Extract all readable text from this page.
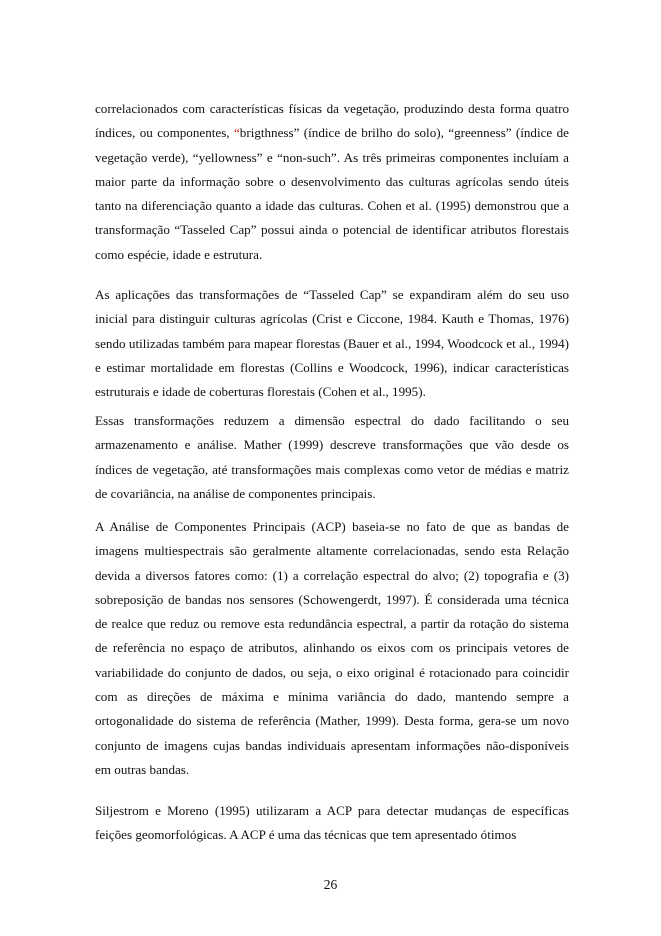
correlacionados com características físicas da vegetação, produzindo desta forma quatro índices, ou componentes, “brigthness” (índice de brilho do solo), “greenness” (índice de vegetação verde), “yellowness” e “non-such”. As três primeiras componentes incluíam a maior parte da informação sobre o desenvolvimento das culturas agrícolas sendo úteis tanto na diferenciação quanto a idade das culturas. Cohen et al. (1995) demonstrou que a transformação “Tasseled Cap” possui ainda o potencial de identificar atributos florestais como espécie, idade e estrutura.

As aplicações das transformações de “Tasseled Cap” se expandiram além do seu uso inicial para distinguir culturas agrícolas (Crist e Ciccone, 1984. Kauth e Thomas, 1976) sendo utilizadas também para mapear florestas (Bauer et al., 1994, Woodcock et al., 1994) e estimar mortalidade em florestas (Collins e Woodcock, 1996), indicar características estruturais e idade de coberturas florestais (Cohen et al., 1995).

Essas transformações reduzem a dimensão espectral do dado facilitando o seu armazenamento e análise. Mather (1999) descreve transformações que vão desde os índices de vegetação, até transformações mais complexas como vetor de médias e matriz de covariância, na análise de componentes principais.

A Análise de Componentes Principais (ACP) baseia-se no fato de que as bandas de imagens multiespectrais são geralmente altamente correlacionadas, sendo esta Relação devida a diversos fatores como: (1) a correlação espectral do alvo; (2) topografia e (3) sobreposição de bandas nos sensores (Schowengerdt, 1997). É considerada uma técnica de realce que reduz ou remove esta redundância espectral, a partir da rotação do sistema de referência no espaço de atributos, alinhando os eixos com os principais vetores de variabilidade do conjunto de dados, ou seja, o eixo original é rotacionado para coincidir com as direções de máxima e mínima variância do dado, mantendo sempre a ortogonalidade do sistema de referência (Mather, 1999). Desta forma, gera-se um novo conjunto de imagens cujas bandas individuais apresentam informações não-disponíveis em outras bandas.

Siljestrom e Moreno (1995) utilizaram a ACP para detectar mudanças de específicas feições geomorfológicas. A ACP é uma das técnicas que tem apresentado ótimos

26
